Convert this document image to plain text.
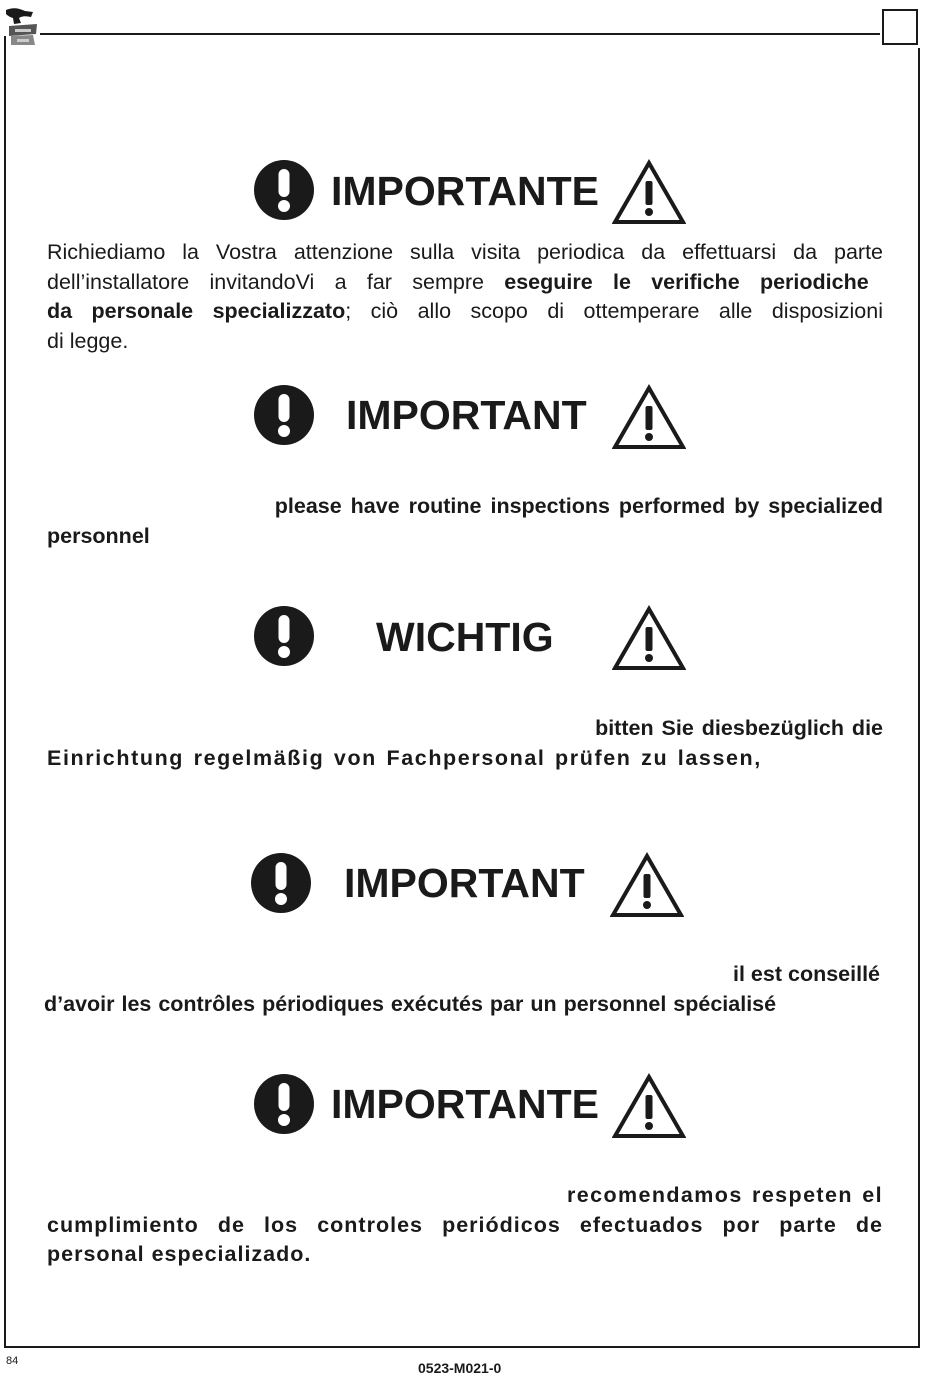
IMPORTANTE
Richiediamo la Vostra attenzione sulla visita periodica da effettuarsi da parte
dell’installatore invitandoVi a far sempre eseguire le verifiche periodiche
da personale specializzato; ciò allo scopo di ottemperare alle disposizioni
di legge.
IMPORTANT
please have routine inspections performed by specialized
personnel
WICHTIG
bitten Sie diesbezüglich die
Einrichtung regelmäßig von Fachpersonal prüfen zu lassen,
IMPORTANT
il est conseillé
d’avoir les contrôles périodiques exécutés par un personnel spécialisé
IMPORTANTE
recomendamos respeten el
cumplimiento de los controles periódicos efectuados por parte de
personal especializado.
84	0523-M021-0
